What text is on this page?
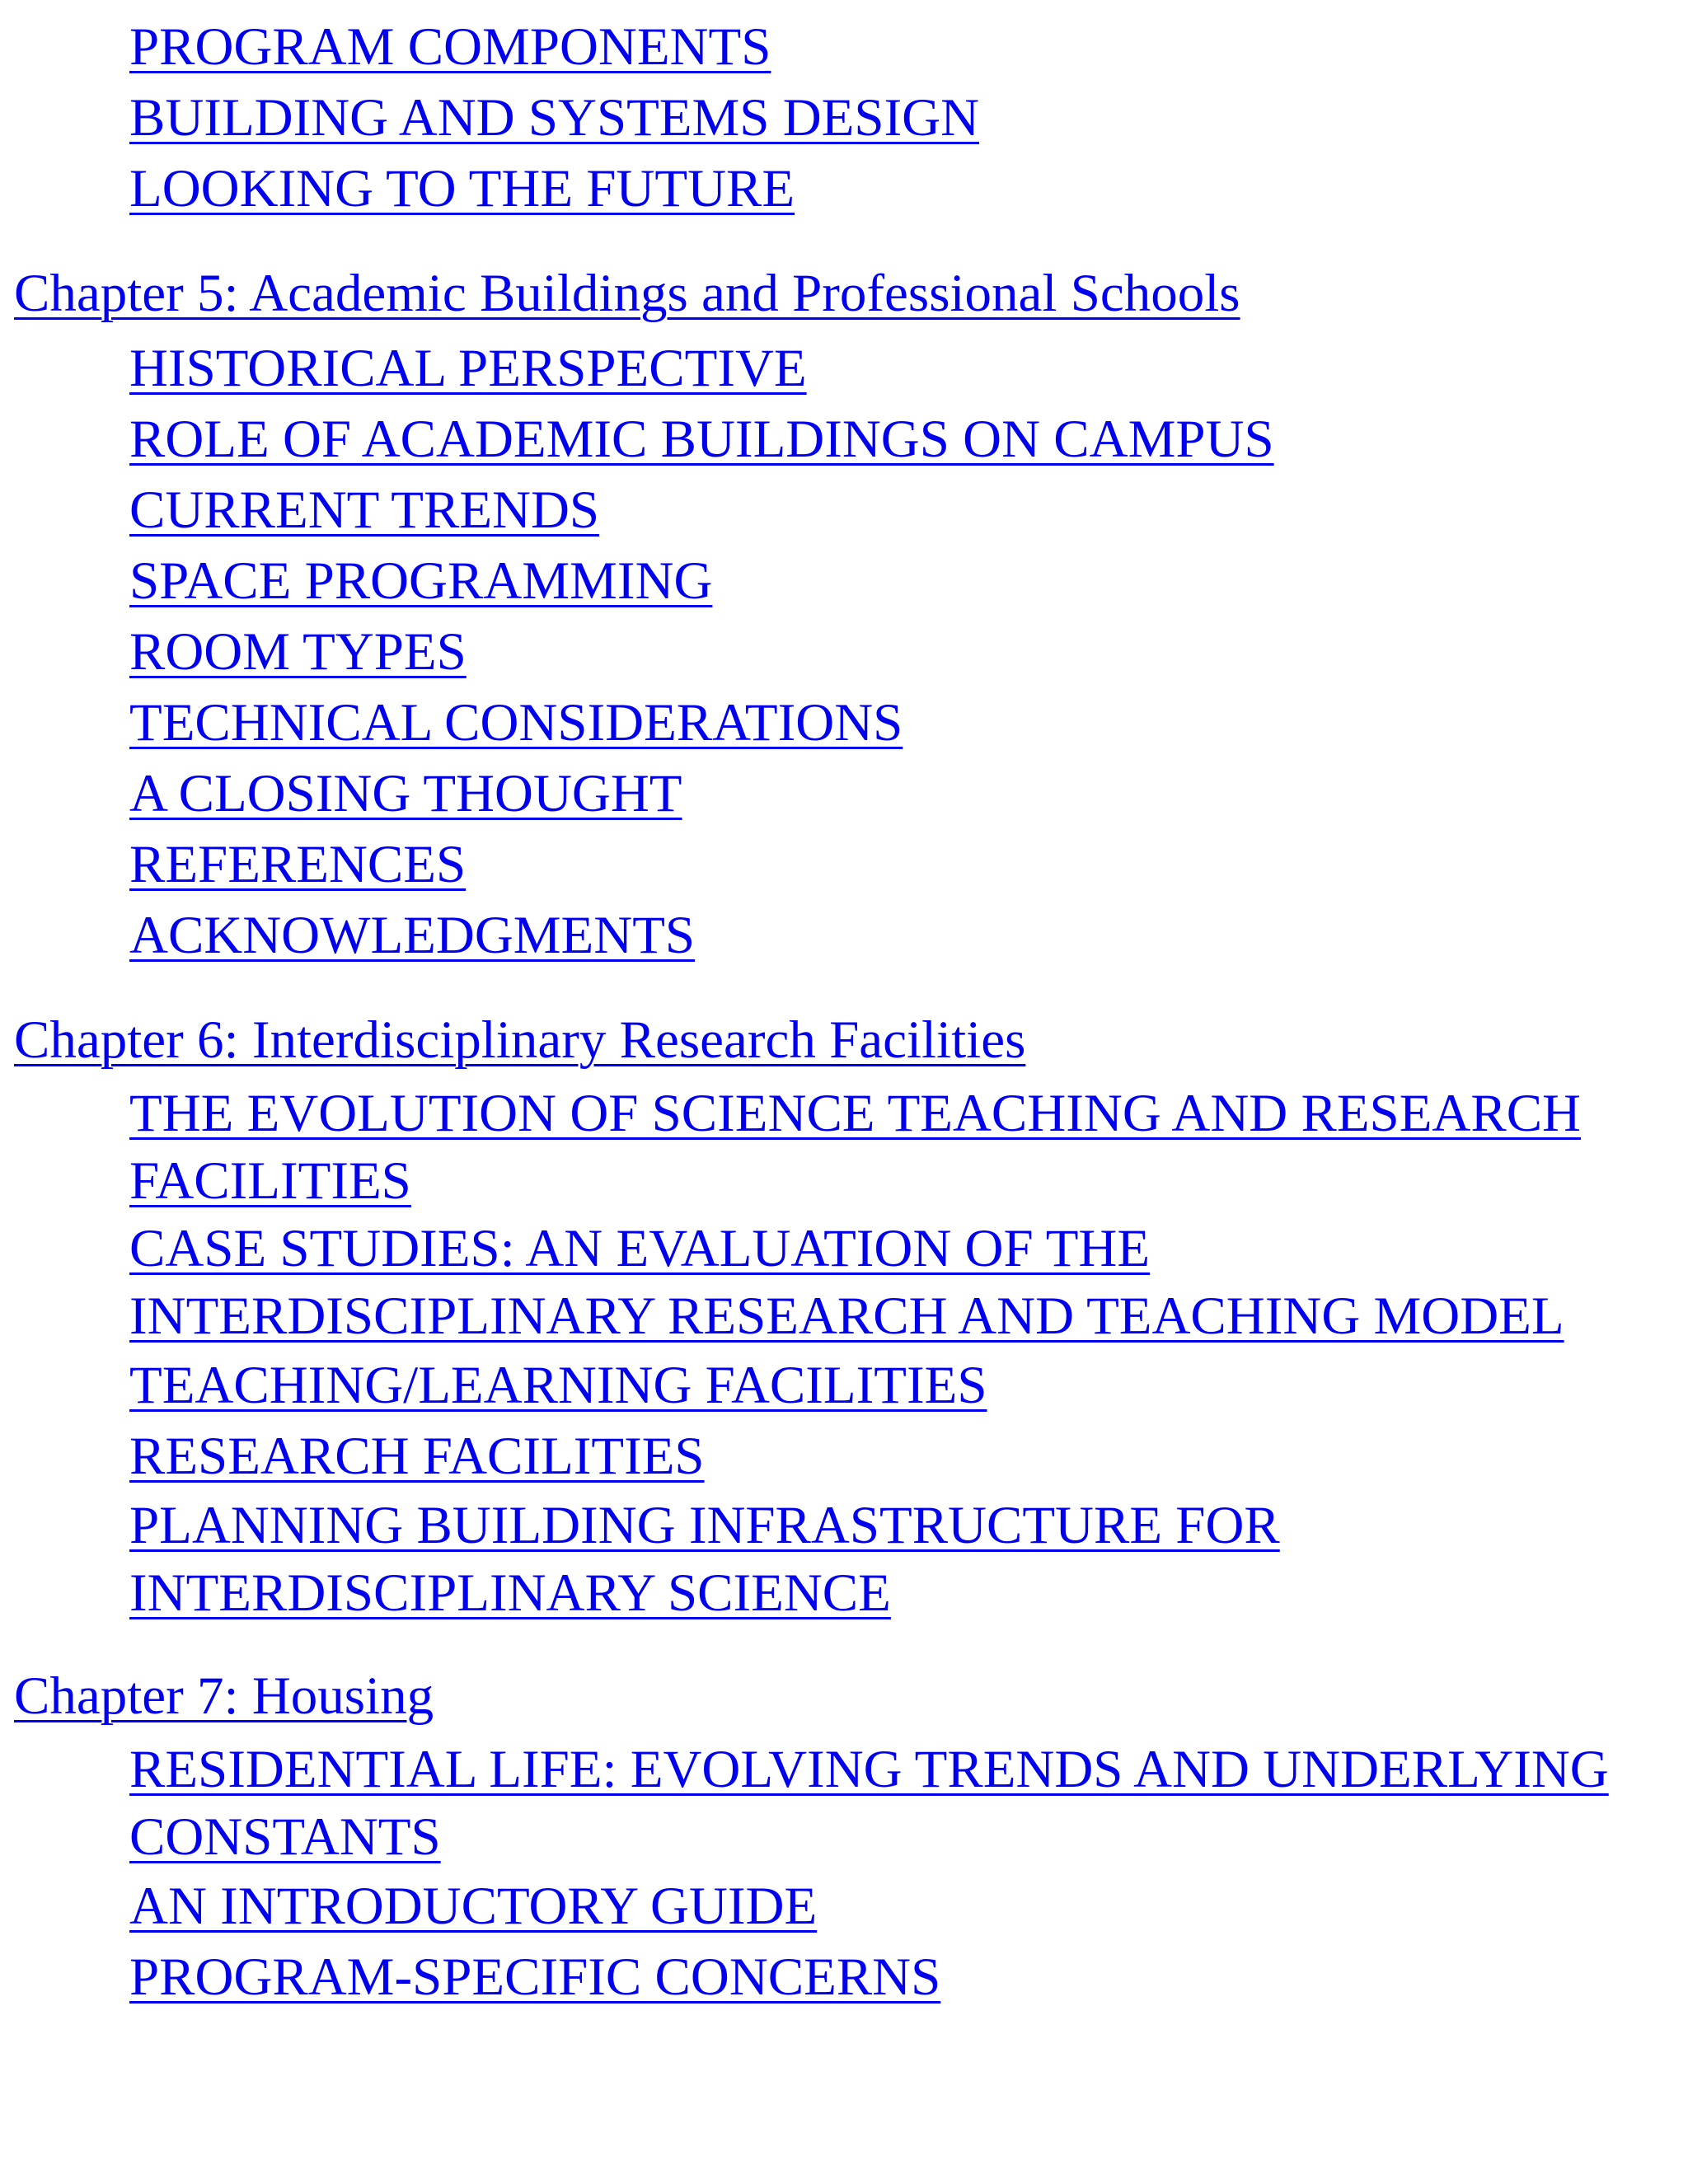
PROGRAM COMPONENTS
BUILDING AND SYSTEMS DESIGN
LOOKING TO THE FUTURE
Chapter 5: Academic Buildings and Professional Schools
HISTORICAL PERSPECTIVE
ROLE OF ACADEMIC BUILDINGS ON CAMPUS
CURRENT TRENDS
SPACE PROGRAMMING
ROOM TYPES
TECHNICAL CONSIDERATIONS
A CLOSING THOUGHT
REFERENCES
ACKNOWLEDGMENTS
Chapter 6: Interdisciplinary Research Facilities
THE EVOLUTION OF SCIENCE TEACHING AND RESEARCH FACILITIES
CASE STUDIES: AN EVALUATION OF THE INTERDISCIPLINARY RESEARCH AND TEACHING MODEL
TEACHING/LEARNING FACILITIES
RESEARCH FACILITIES
PLANNING BUILDING INFRASTRUCTURE FOR INTERDISCIPLINARY SCIENCE
Chapter 7: Housing
RESIDENTIAL LIFE: EVOLVING TRENDS AND UNDERLYING CONSTANTS
AN INTRODUCTORY GUIDE
PROGRAM-SPECIFIC CONCERNS
